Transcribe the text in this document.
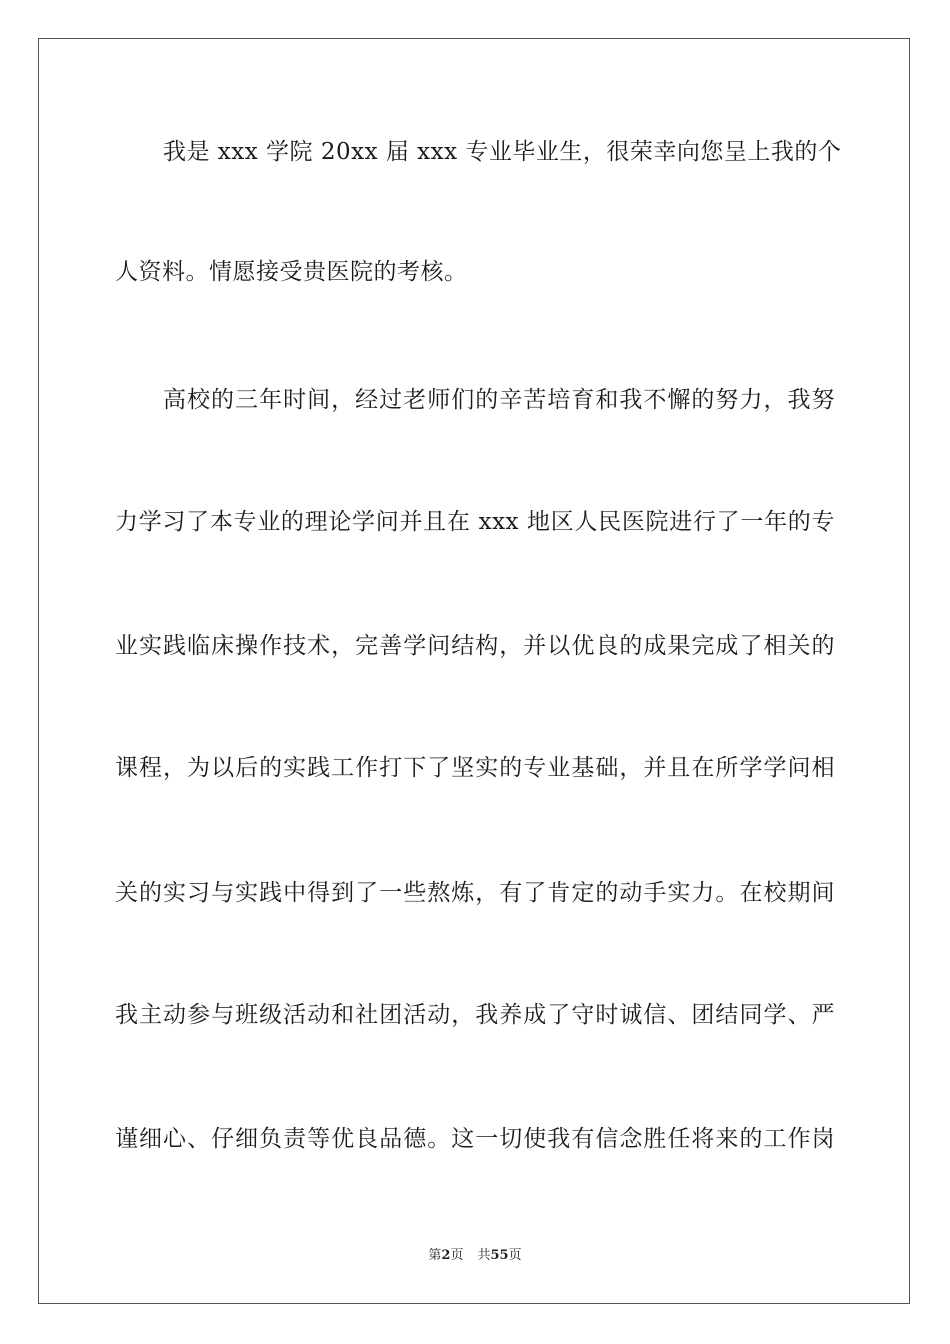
我是 xxx 学院 20xx 届 xxx 专业毕业生，很荣幸向您呈上我的个
人资料。情愿接受贵医院的考核。
高校的三年时间，经过老师们的辛苦培育和我不懈的努力，我努
力学习了本专业的理论学问并且在 xxx 地区人民医院进行了一年的专
业实践临床操作技术，完善学问结构，并以优良的成果完成了相关的
课程，为以后的实践工作打下了坚实的专业基础，并且在所学学问相
关的实习与实践中得到了一些熬炼，有了肯定的动手实力。在校期间
我主动参与班级活动和社团活动，我养成了守时诚信、团结同学、严
谨细心、仔细负责等优良品德。这一切使我有信念胜任将来的工作岗
第2页 共55页
